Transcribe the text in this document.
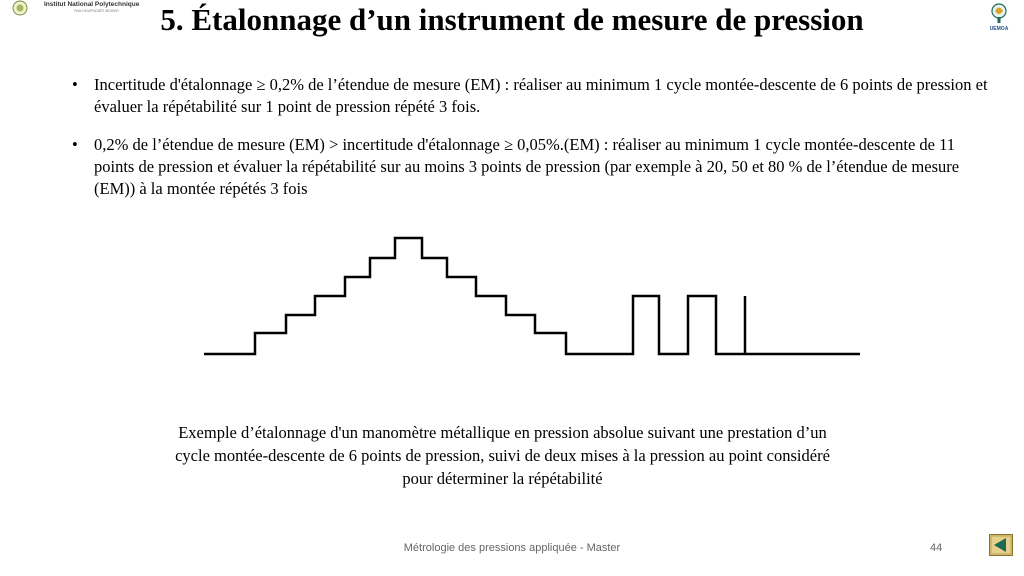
Institut National Polytechnique
Félix HOUPHOUËT-BOIGNY
UEMOA
5. Étalonnage d’un instrument de mesure de pression
• Incertitude d'étalonnage ≥ 0,2% de l’étendue de mesure (EM) : réaliser au minimum 1 cycle montée-descente de 6 points de pression et évaluer la répétabilité sur 1 point de pression répété 3 fois.
• 0,2% de l’étendue de mesure (EM) > incertitude d'étalonnage ≥ 0,05%.(EM) : réaliser au minimum 1 cycle montée-descente de 11 points de pression et évaluer la répétabilité sur au moins 3 points de pression (par exemple à 20, 50 et 80 % de l’étendue de mesure (EM)) à la montée répétés 3 fois
Exemple d’étalonnage d'un manomètre métallique en pression absolue suivant une prestation d’un
cycle montée-descente de 6 points de pression, suivi de deux mises à la pression au point considéré
pour déterminer la répétabilité
Métrologie des pressions appliquée - Master	44
